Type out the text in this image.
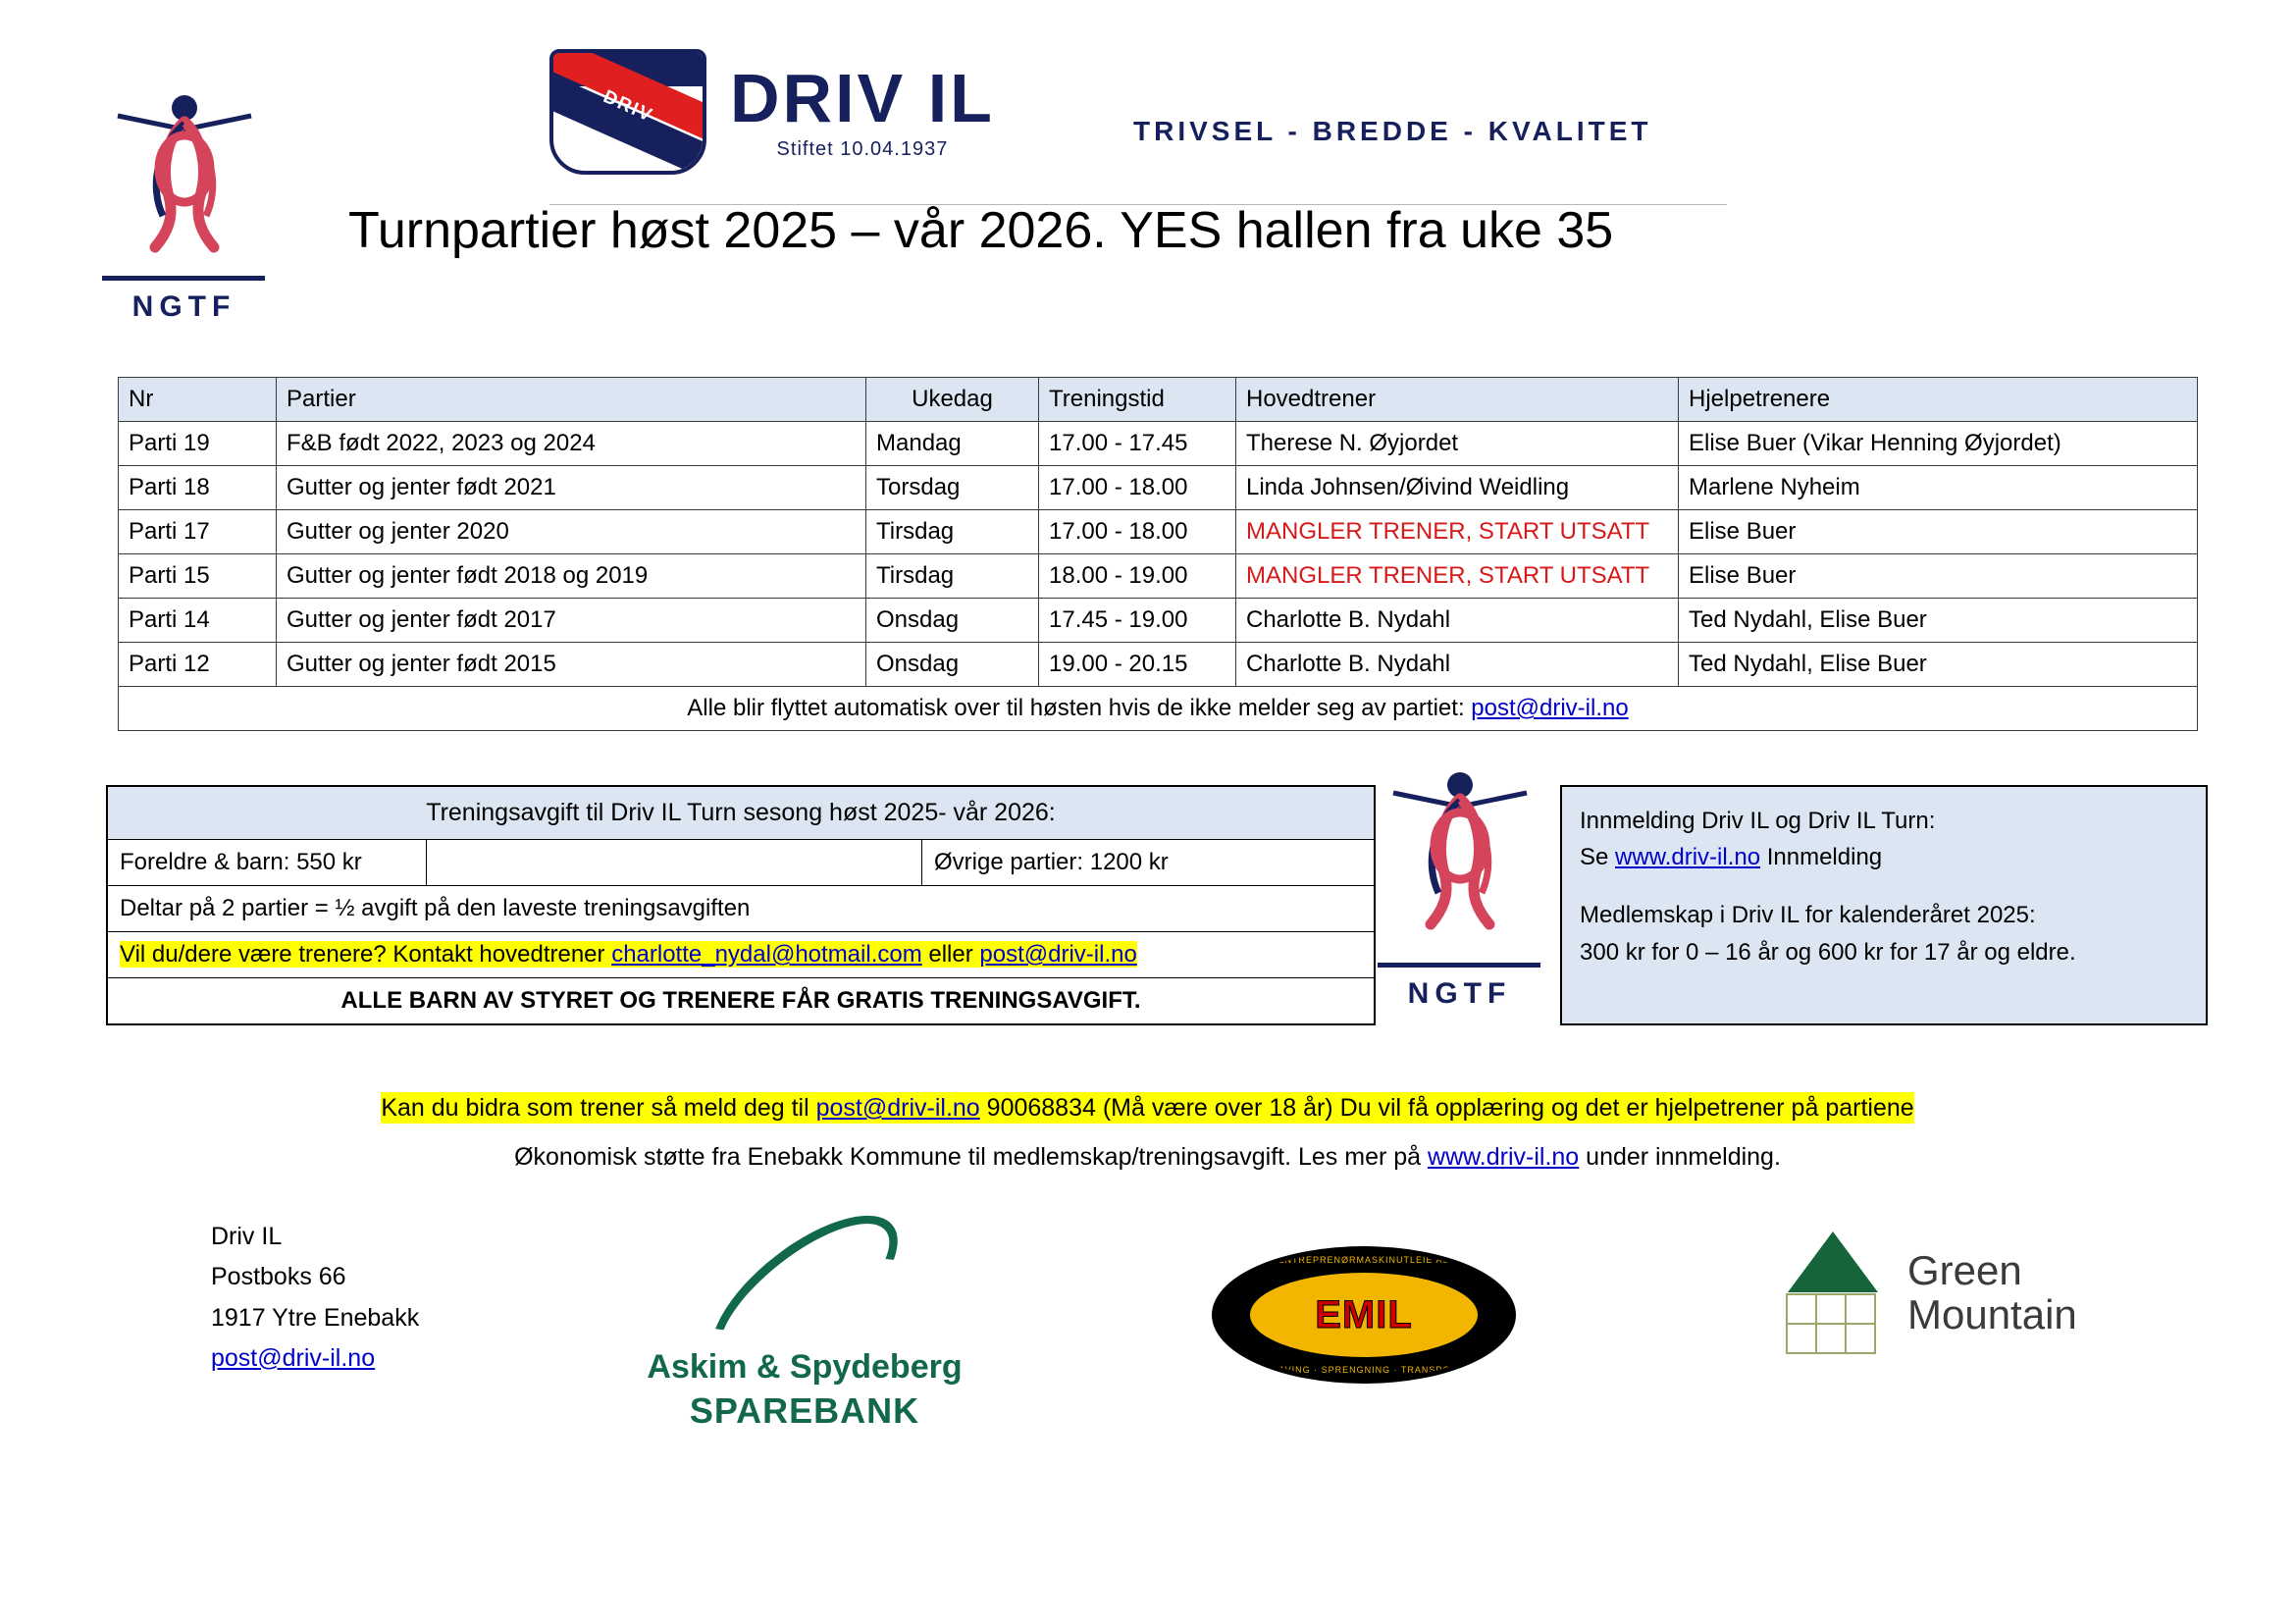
NGTF
DRIV	DRIV IL
Stiftet 10.04.1937
TRIVSEL - BREDDE - KVALITET
Turnpartier høst 2025 – vår 2026. YES hallen fra uke 35
Nr	Partier	Ukedag	Treningstid	Hovedtrener	Hjelpetrenere
Parti 19	F&B født 2022, 2023 og 2024	Mandag	17.00 - 17.45	Therese N. Øyjordet	Elise Buer (Vikar Henning Øyjordet)
Parti 18	Gutter og jenter født 2021	Torsdag	17.00 - 18.00	Linda Johnsen/Øivind Weidling	Marlene Nyheim
Parti 17	Gutter og jenter 2020	Tirsdag	17.00 - 18.00	MANGLER TRENER, START UTSATT	Elise Buer
Parti 15	Gutter og jenter født 2018 og 2019	Tirsdag	18.00 - 19.00	MANGLER TRENER, START UTSATT	Elise Buer
Parti 14	Gutter og jenter født 2017	Onsdag	17.45 - 19.00	Charlotte B. Nydahl	Ted Nydahl, Elise Buer
Parti 12	Gutter og jenter født 2015	Onsdag	19.00 - 20.15	Charlotte B. Nydahl	Ted Nydahl, Elise Buer
Alle blir flyttet automatisk over til høsten hvis de ikke melder seg av partiet: post@driv-il.no					
Treningsavgift til Driv IL Turn sesong høst 2025- vår 2026:
Foreldre & barn: 550 kr	Øvrige partier: 1200 kr
Deltar på 2 partier = ½ avgift på den laveste treningsavgiften
Vil du/dere være trenere? Kontakt hovedtrener charlotte_nydal@hotmail.com eller post@driv-il.no
ALLE BARN AV STYRET OG TRENERE FÅR GRATIS TRENINGSAVGIFT.	NGTF
Innmelding Driv IL og Driv IL Turn:
Se www.driv-il.no Innmelding
Medlemskap i Driv IL for kalenderåret 2025:
300 kr for 0 – 16 år og 600 kr for 17 år og eldre.
Kan du bidra som trener så meld deg til post@driv-il.no 90068834 (Må være over 18 år) Du vil få opplæring og det er hjelpetrener på partiene
Økonomisk støtte fra Enebakk Kommune til medlemskap/treningsavgift. Les mer på www.driv-il.no under innmelding.
Driv IL
Postboks 66
1917 Ytre Enebakk
post@driv-il.no	Askim & Spydeberg
SPAREBANK
ENTREPRENØRMASKINUTLEIE AS
EMIL
GRAVING · SPRENGNING · TRANSPORT
Green
Mountain
